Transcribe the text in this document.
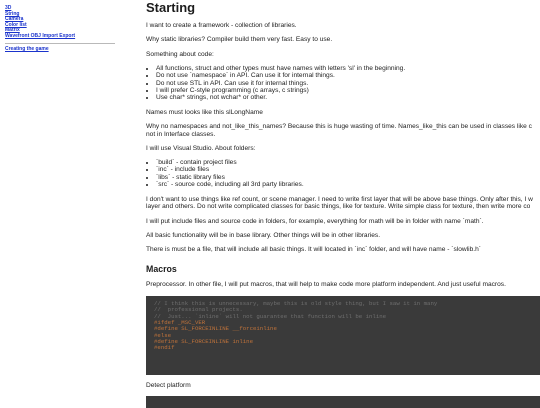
3D
String
Camera
Color list
Matrix
Wavefront OBJ Import Export
Creating the game
Starting

I want to create a framework - collection of libraries.

Why static libraries? Compiler build them very fast. Easy to use.

Something about code:

• All functions, struct and other types must have names with letters 'sl' in the beginning.
• Do not use `namespace` in API. Can use it for internal things.
• Do not use STL in API. Can use it for internal things.
• I will prefer C-style programming (c arrays, c strings)
• Use char* strings, not wchar* or other.

Names must looks like this slLongName

Why no namespaces and not_like_this_names? Because this is huge wasting of time. Names_like_this can be used in classes like c
not in Interface classes.

I will use Visual Studio. About folders:

• `build` - contain project files
• `inc` - include files
• `libs` - static library files
• `src` - source code, including all 3rd party libraries.

I don't want to use things like ref count, or scene manager. I need to write first layer that will be above base things. Only after this, I w
layer and others. Do not write complicated classes for basic things, like for texture. Write simple class for texture, then write more co

I will put include files and source code in folders, for example, everything for math will be in folder with name `math`.

All basic functionality will be in base library. Other things will be in other libraries.

There is must be a file, that will include all basic things. It will located in `inc` folder, and will have name - `slowlib.h`

Macros

Preprocessor. In other file, I will put macros, that will help to make code more platform independent. And just useful macros.

// I think this is unnecessary, maybe this is old style thing, but I saw it in many
//  professional projects.
//  Just... `inline` will not guarantee that function will be inline
#ifdef _MSC_VER
#define SL_FORCEINLINE __forceinline
#else
#define SL_FORCEINLINE inline
#endif

Detect platform
